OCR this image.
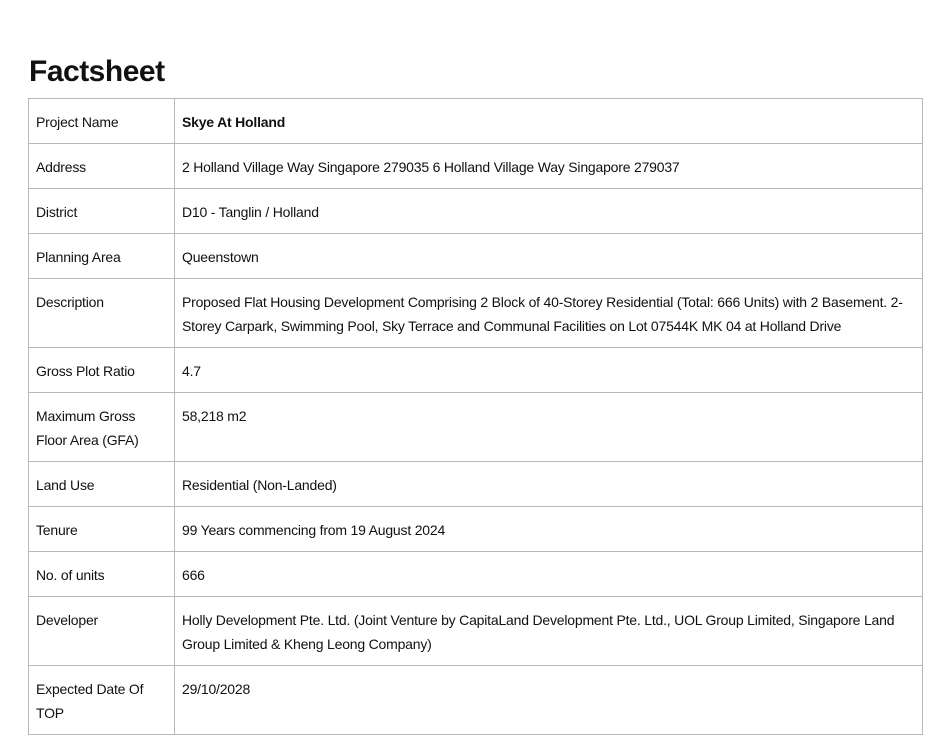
Factsheet
Project Name	Skye At Holland
Address	2 Holland Village Way Singapore 279035 6 Holland Village Way Singapore 279037
District	D10 - Tanglin / Holland
Planning Area	Queenstown
Description	Proposed Flat Housing Development Comprising 2 Block of 40-Storey Residential (Total: 666 Units) with 2 Basement. 2-Storey Carpark, Swimming Pool, Sky Terrace and Communal Facilities on Lot 07544K MK 04 at Holland Drive
Gross Plot Ratio	4.7
Maximum Gross Floor Area (GFA)	58,218 m2
Land Use	Residential (Non-Landed)
Tenure	99 Years commencing from 19 August 2024
No. of units	666
Developer	Holly Development Pte. Ltd. (Joint Venture by CapitaLand Development Pte. Ltd., UOL Group Limited, Singapore Land Group Limited & Kheng Leong Company)
Expected Date Of TOP	29/10/2028
